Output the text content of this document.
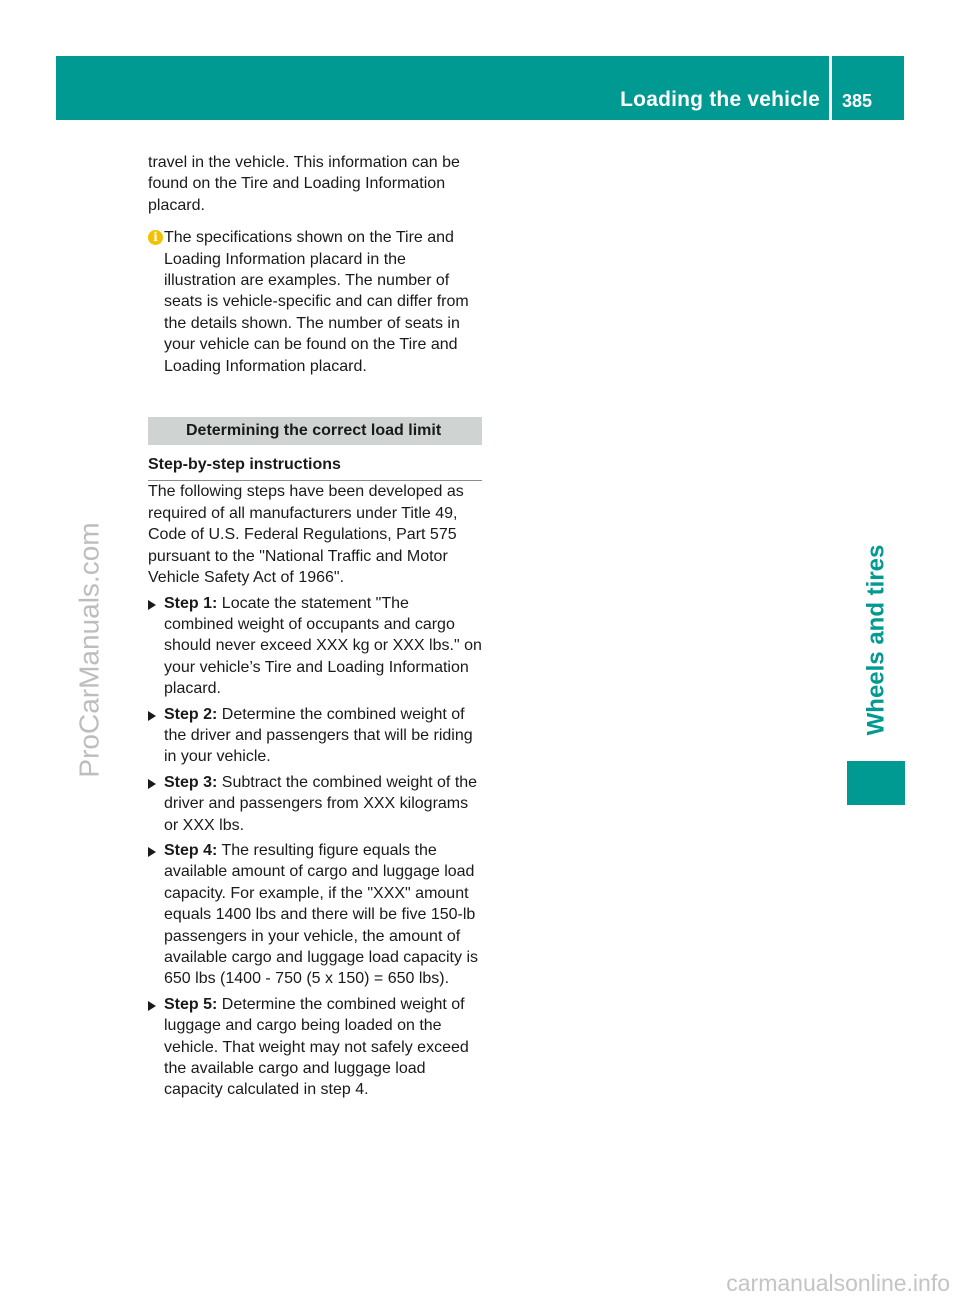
Loading the vehicle 385
Wheels and tires
ProCarManuals.com

travel in the vehicle. This information can be found on the Tire and Loading Information placard.

i The specifications shown on the Tire and Loading Information placard in the illustration are examples. The number of seats is vehicle-specific and can differ from the details shown. The number of seats in your vehicle can be found on the Tire and Loading Information placard.
Determining the correct load limit
Step-by-step instructions

The following steps have been developed as required of all manufacturers under Title 49, Code of U.S. Federal Regulations, Part 575 pursuant to the "National Traffic and Motor Vehicle Safety Act of 1966".

Step 1: Locate the statement "The combined weight of occupants and cargo should never exceed XXX kg or XXX lbs." on your vehicle’s Tire and Loading Information placard.
Step 2: Determine the combined weight of the driver and passengers that will be riding in your vehicle.
Step 3: Subtract the combined weight of the driver and passengers from XXX kilograms or XXX lbs.
Step 4: The resulting figure equals the available amount of cargo and luggage load capacity. For example, if the "XXX" amount equals 1400 lbs and there will be five 150-lb passengers in your vehicle, the amount of available cargo and luggage load capacity is 650 lbs (1400 - 750 (5 x 150) = 650 lbs).
Step 5: Determine the combined weight of luggage and cargo being loaded on the vehicle. That weight may not safely exceed the available cargo and luggage load capacity calculated in step 4.
carmanualsonline.info
